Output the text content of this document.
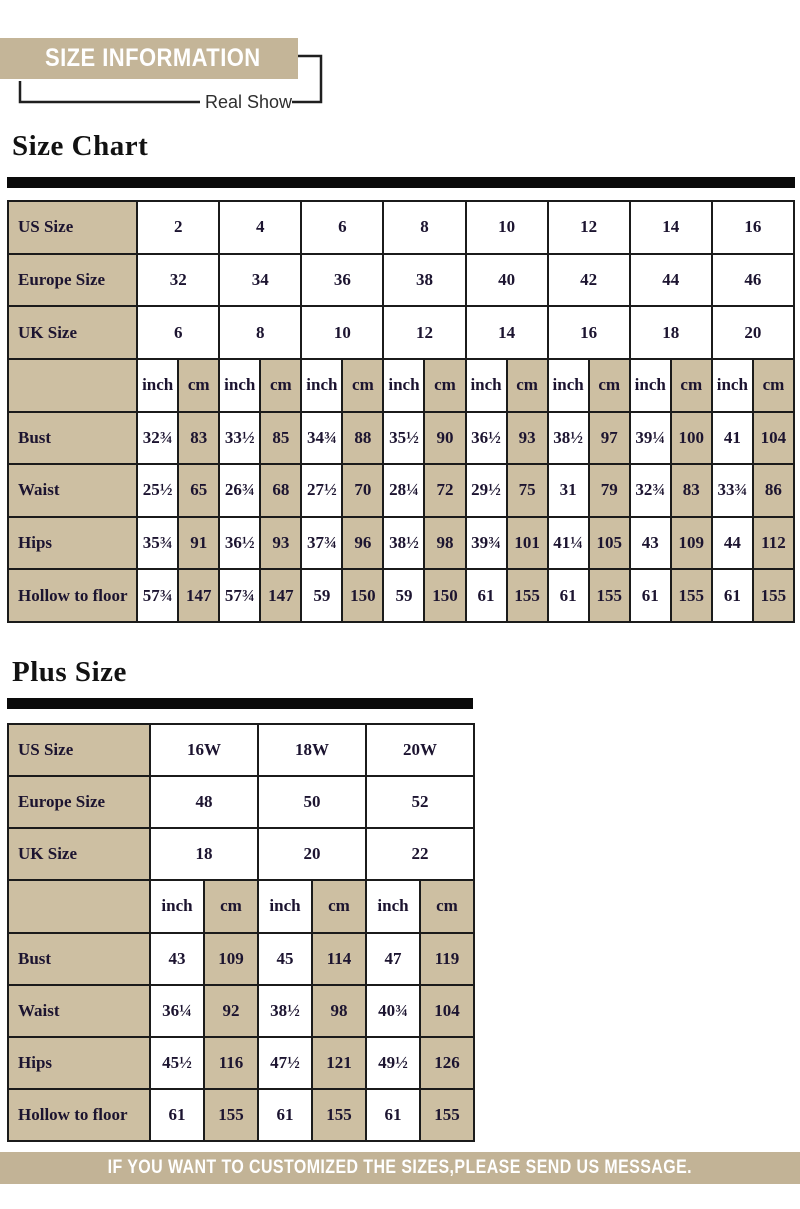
SIZE INFORMATION
Real Show
Size Chart
US Size	2		4		6		8		10		12		14		16	
Europe Size	32		34		36		38		40		42		44		46	
UK Size	6		8		10		12		14		16		18		20	
	inch	cm	inch	cm	inch	cm	inch	cm	inch	cm	inch	cm	inch	cm	inch	cm
Bust	32¾	83	33½	85	34¾	88	35½	90	36½	93	38½	97	39¼	100	41	104
Waist	25½	65	26¾	68	27½	70	28¼	72	29½	75	31	79	32¾	83	33¾	86
Hips	35¾	91	36½	93	37¾	96	38½	98	39¾	101	41¼	105	43	109	44	112
Hollow to floor	57¾	147	57¾	147	59	150	59	150	61	155	61	155	61	155	61	155
Plus Size
US Size	16W		18W		20W	
Europe Size	48		50		52	
UK Size	18		20		22	
	inch	cm	inch	cm	inch	cm
Bust	43	109	45	114	47	119
Waist	36¼	92	38½	98	40¾	104
Hips	45½	116	47½	121	49½	126
Hollow to floor	61	155	61	155	61	155
IF YOU WANT TO CUSTOMIZED THE SIZES,PLEASE SEND US MESSAGE.
